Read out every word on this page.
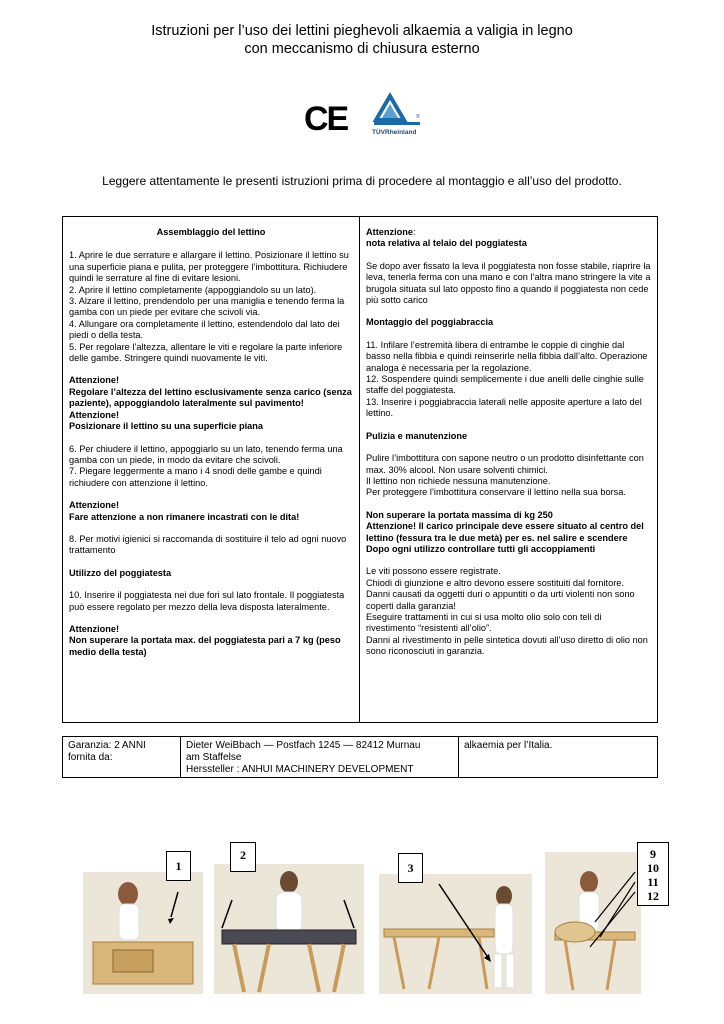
Istruzioni per l’uso dei lettini pieghevoli alkaemia a valigia in legno
con meccanismo di chiusura esterno
CE	TÜVRheinland
®
Leggere attentamente le presenti istruzioni prima di procedere al montaggio e all’uso del prodotto.

Assemblaggio del lettino

1. Aprire le due serrature e allargare il lettino. Posizionare il lettino su una superficie piana e pulita, per proteggere l’imbottitura. Richiudere quindi le serrature al fine di evitare lesioni.
2. Aprire il lettino completamente (appoggiandolo su un lato).
3. Alzare il lettino, prendendolo per una maniglia e tenendo ferma la gamba con un piede per evitare che scivoli via.
4. Allungare ora completamente il lettino, estendendolo dal lato dei piedi o della testa.
5. Per regolare l’altezza, allentare le viti e regolare la parte inferiore delle gambe. Stringere quindi nuovamente le viti.
Attenzione!
Regolare l’altezza del lettino esclusivamente senza carico (senza paziente), appoggiandolo lateralmente sul pavimento!
Attenzione!
Posizionare il lettino su una superficie piana
6. Per chiudere il lettino, appoggiarlo su un lato, tenendo ferma una gamba con un piede, in modo da evitare che scivoli.
7. Piegare leggermente a mano i 4 snodi delle gambe e quindi richiudere con attenzione il lettino.
Attenzione!
Fare attenzione a non rimanere incastrati con le dita!
8. Per motivi igienici si raccomanda di sostituire il telo ad ogni nuovo trattamento
Utilizzo del poggiatesta
10. Inserire il poggiatesta nei due fori sul lato frontale. Il poggiatesta può essere regolato per mezzo della leva disposta lateralmente.
Attenzione!
Non superare la portata max. del poggiatesta pari a 7 kg (peso medio della testa)
Attenzione:
nota relativa al telaio del poggiatesta
Se dopo aver fissato la leva il poggiatesta non fosse stabile, riaprire la leva, tenerla ferma con una mano e con l’altra mano stringere la vite a brugola situata sul lato opposto fino a quando il poggiatesta non cede più sotto carico
Montaggio del poggiabraccia
11. Infilare l’estremità libera di entrambe le coppie di cinghie dal basso nella fibbia e quindi reinserirle nella fibbia dall’alto. Operazione analoga è necessaria per la regolazione.
12. Sospendere quindi semplicemente i due anelli delle cinghie sulle staffe del poggiatesta.
13. Inserire i poggiabraccia laterali nelle apposite aperture a lato del lettino.
Pulizia e manutenzione
Pulire l’imbottitura con sapone neutro o un prodotto disinfettante con max. 30% alcool. Non usare solventi chimici.
Il lettino non richiede nessuna manutenzione.
Per proteggere l’imbottitura conservare il lettino nella sua borsa.
Non superare la portata massima di kg 250
Attenzione! Il carico principale deve essere situato al centro del lettino (fessura tra le due metà) per es. nel salire e scendere
Dopo ogni utilizzo controllare tutti gli accoppiamenti
Le viti possono essere registrate.
Chiodi di giunzione e altro devono essere sostituiti dal fornitore.
Danni causati da oggetti duri o appuntiti o da urti violenti non sono coperti dalla garanzia!
Eseguire trattamenti in cui si usa molto olio solo con teli di rivestimento “resistenti all’olio”.
Danni al rivestimento in pelle sintetica dovuti all’uso diretto di olio non sono riconosciuti in garanzia.
Garanzia: 2 ANNI
fornita da:
Dieter WeiBbach — Postfach 1245 — 82412 Murnau
am Staffelse
Herssteller : ANHUI MACHINERY DEVELOPMENT
alkaemia per l’Italia.
1
2
3
9
10
11
12
